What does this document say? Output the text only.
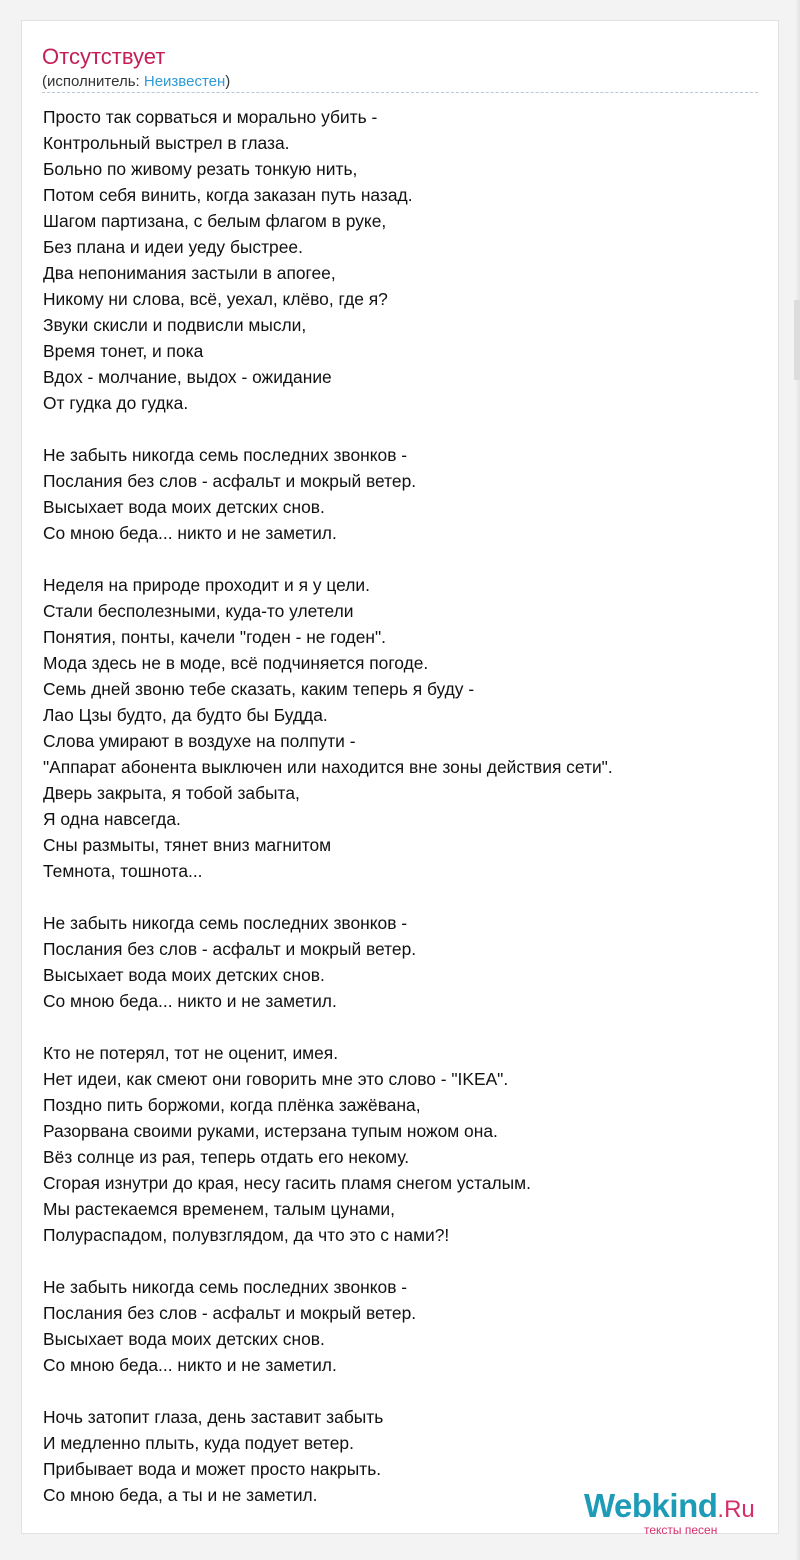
Отсутствует
(исполнитель: Неизвестен)
Просто так сорваться и морально убить -
Контрольный выстрел в глаза.
Больно по живому резать тонкую нить,
Потом себя винить, когда заказан путь назад.
Шагом партизана, с белым флагом в руке,
Без плана и идеи уеду быстрее.
Два непонимания застыли в апогее,
Никому ни слова, всё, уехал, клёво, где я?
Звуки скисли и подвисли мысли,
Время тонет, и пока
Вдох - молчание, выдох - ожидание
От гудка до гудка.
Не забыть никогда семь последних звонков -
Послания без слов - асфальт и мокрый ветер.
Высыхает вода моих детских снов.
Со мною беда... никто и не заметил.
Неделя на природе проходит и я у цели.
Стали бесполезными, куда-то улетели
Понятия, понты, качели "годен - не годен".
Мода здесь не в моде, всё подчиняется погоде.
Семь дней звоню тебе сказать, каким теперь я буду -
Лао Цзы будто, да будто бы Будда.
Слова умирают в воздухе на полпути -
"Аппарат абонента выключен или находится вне зоны действия сети".
Дверь закрыта, я тобой забыта,
Я одна навсегда.
Сны размыты, тянет вниз магнитом
Темнота, тошнота...
Не забыть никогда семь последних звонков -
Послания без слов - асфальт и мокрый ветер.
Высыхает вода моих детских снов.
Со мною беда... никто и не заметил.
Кто не потерял, тот не оценит, имея.
Нет идеи, как смеют они говорить мне это слово - "IKEA".
Поздно пить боржоми, когда плёнка зажёвана,
Разорвана своими руками, истерзана тупым ножом она.
Вёз солнце из рая, теперь отдать его некому.
Сгорая изнутри до края, несу гасить пламя снегом усталым.
Мы растекаемся временем, талым цунами,
Полураспадом, полувзглядом, да что это с нами?!
Не забыть никогда семь последних звонков -
Послания без слов - асфальт и мокрый ветер.
Высыхает вода моих детских снов.
Со мною беда... никто и не заметил.
Ночь затопит глаза, день заставит забыть
И медленно плыть, куда подует ветер.
Прибывает вода и может просто накрыть.
Со мною беда, а ты и не заметил.	Webkind.Ru
тексты песен
